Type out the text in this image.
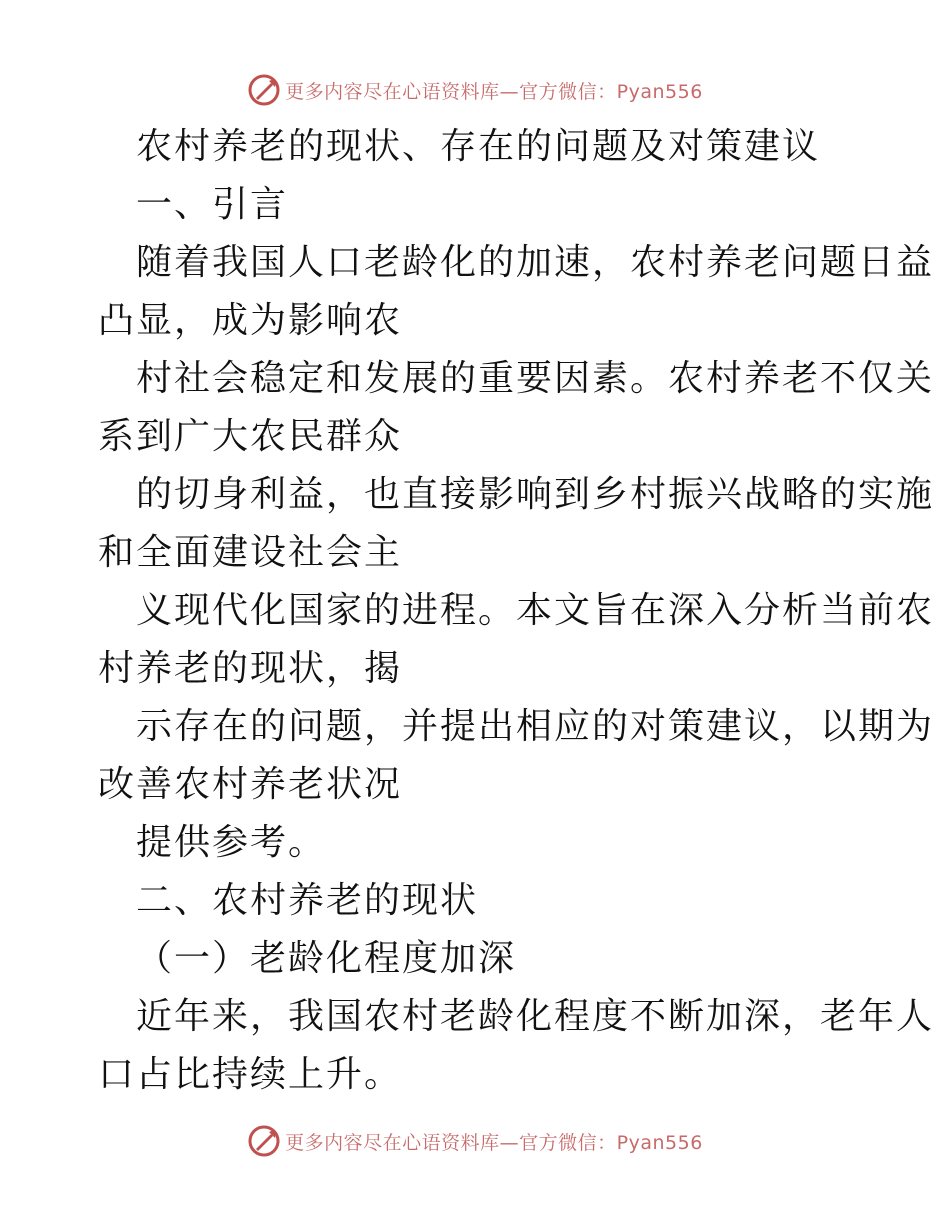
更多内容尽在心语资料库—官方微信：Pyan556
农村养老的现状、存在的问题及对策建议
一、引言
随着我国人口老龄化的加速，农村养老问题日益
凸显，成为影响农
村社会稳定和发展的重要因素。农村养老不仅关
系到广大农民群众
的切身利益，也直接影响到乡村振兴战略的实施
和全面建设社会主
义现代化国家的进程。本文旨在深入分析当前农
村养老的现状，揭
示存在的问题，并提出相应的对策建议，以期为
改善农村养老状况
提供参考。
二、农村养老的现状
（一）老龄化程度加深
近年来，我国农村老龄化程度不断加深，老年人
口占比持续上升。
更多内容尽在心语资料库—官方微信：Pyan556
